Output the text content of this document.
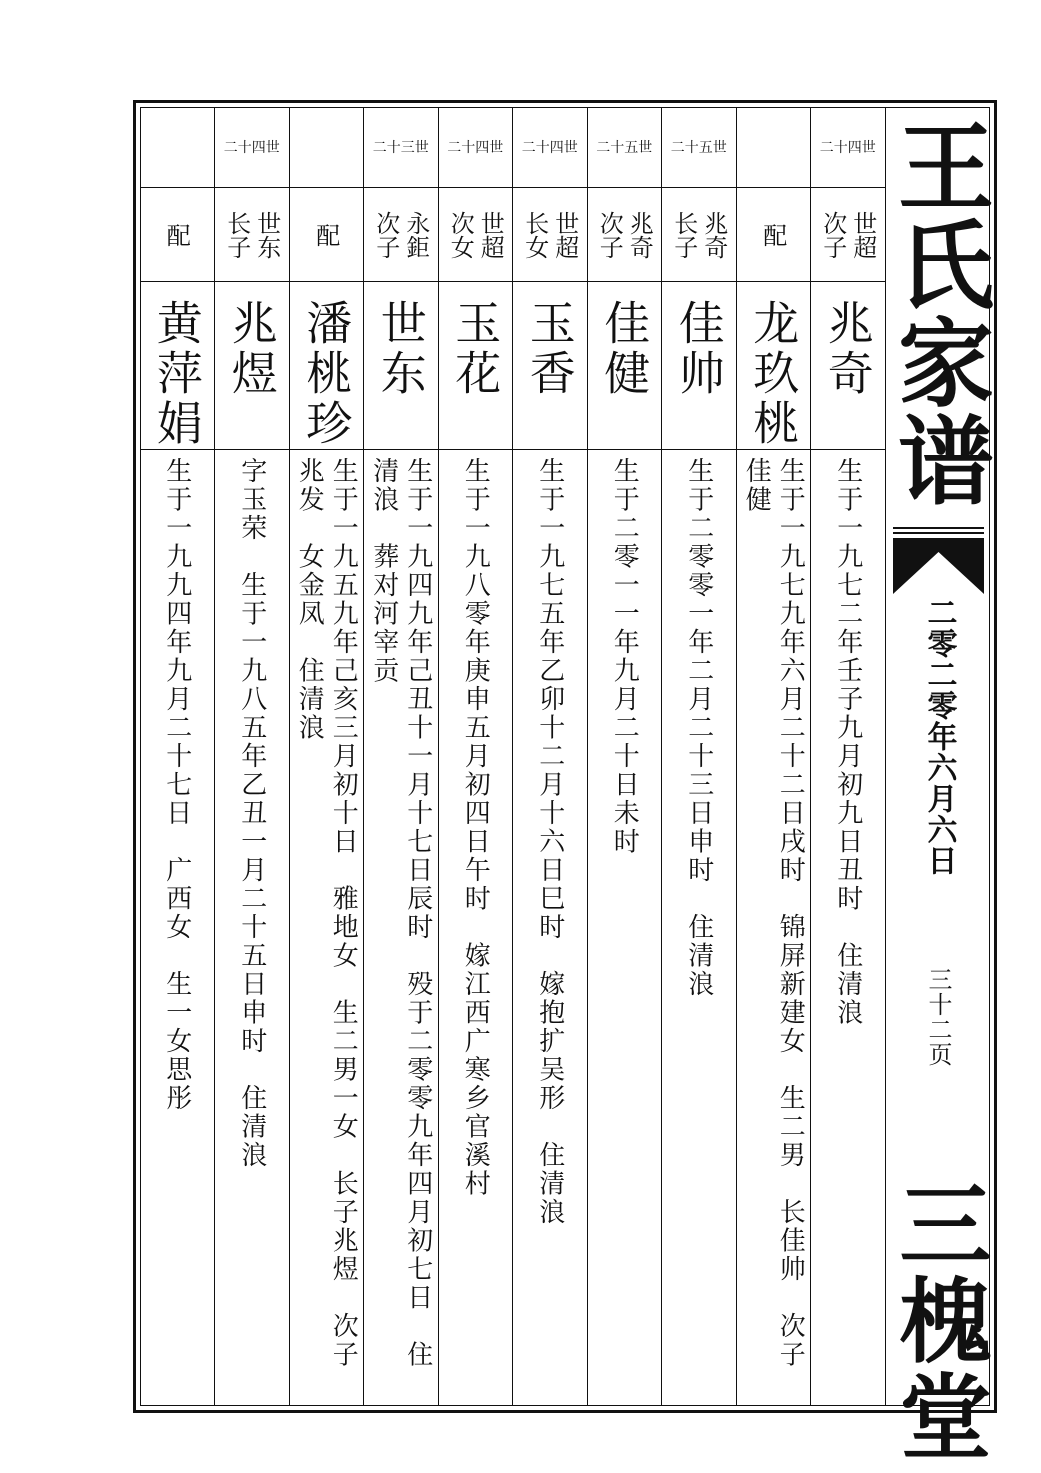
二十四世
世超
次子
兆奇
生于一九七二年壬子九月初九日丑时　住清浪
配
龙玖桃
生于一九七九年六月二十二日戌时　锦屏新建女　生二男　长佳帅　次子
佳健
二十五世
兆奇
长子
佳帅
生于二零零一年二月二十三日申时　住清浪
二十五世
兆奇
次子
佳健
生于二零一一年九月二十日未时
二十四世
世超
长女
玉香
生于一九七五年乙卯十二月十六日巳时　嫁抱扩吴形　住清浪
二十四世
世超
次女
玉花
生于一九八零年庚申五月初四日午时　嫁江西广寒乡官溪村
二十三世
永鉅
次子
世东
生于一九四九年己丑十一月十七日辰时　殁于二零零九年四月初七日　住
清浪　葬对河宰贡
配
潘桃珍
生于一九五九年己亥三月初十日　雅地女　生二男一女　长子兆煜　次子
兆发　女金凤　住清浪
二十四世
世东
长子
兆煜
字玉荣　生于一九八五年乙丑一月二十五日申时　住清浪
配
黄萍娟
生于一九九四年九月二十七日　广西女　生一女思彤
王氏家谱
二零二零年六月六日
三十二页
三槐堂
